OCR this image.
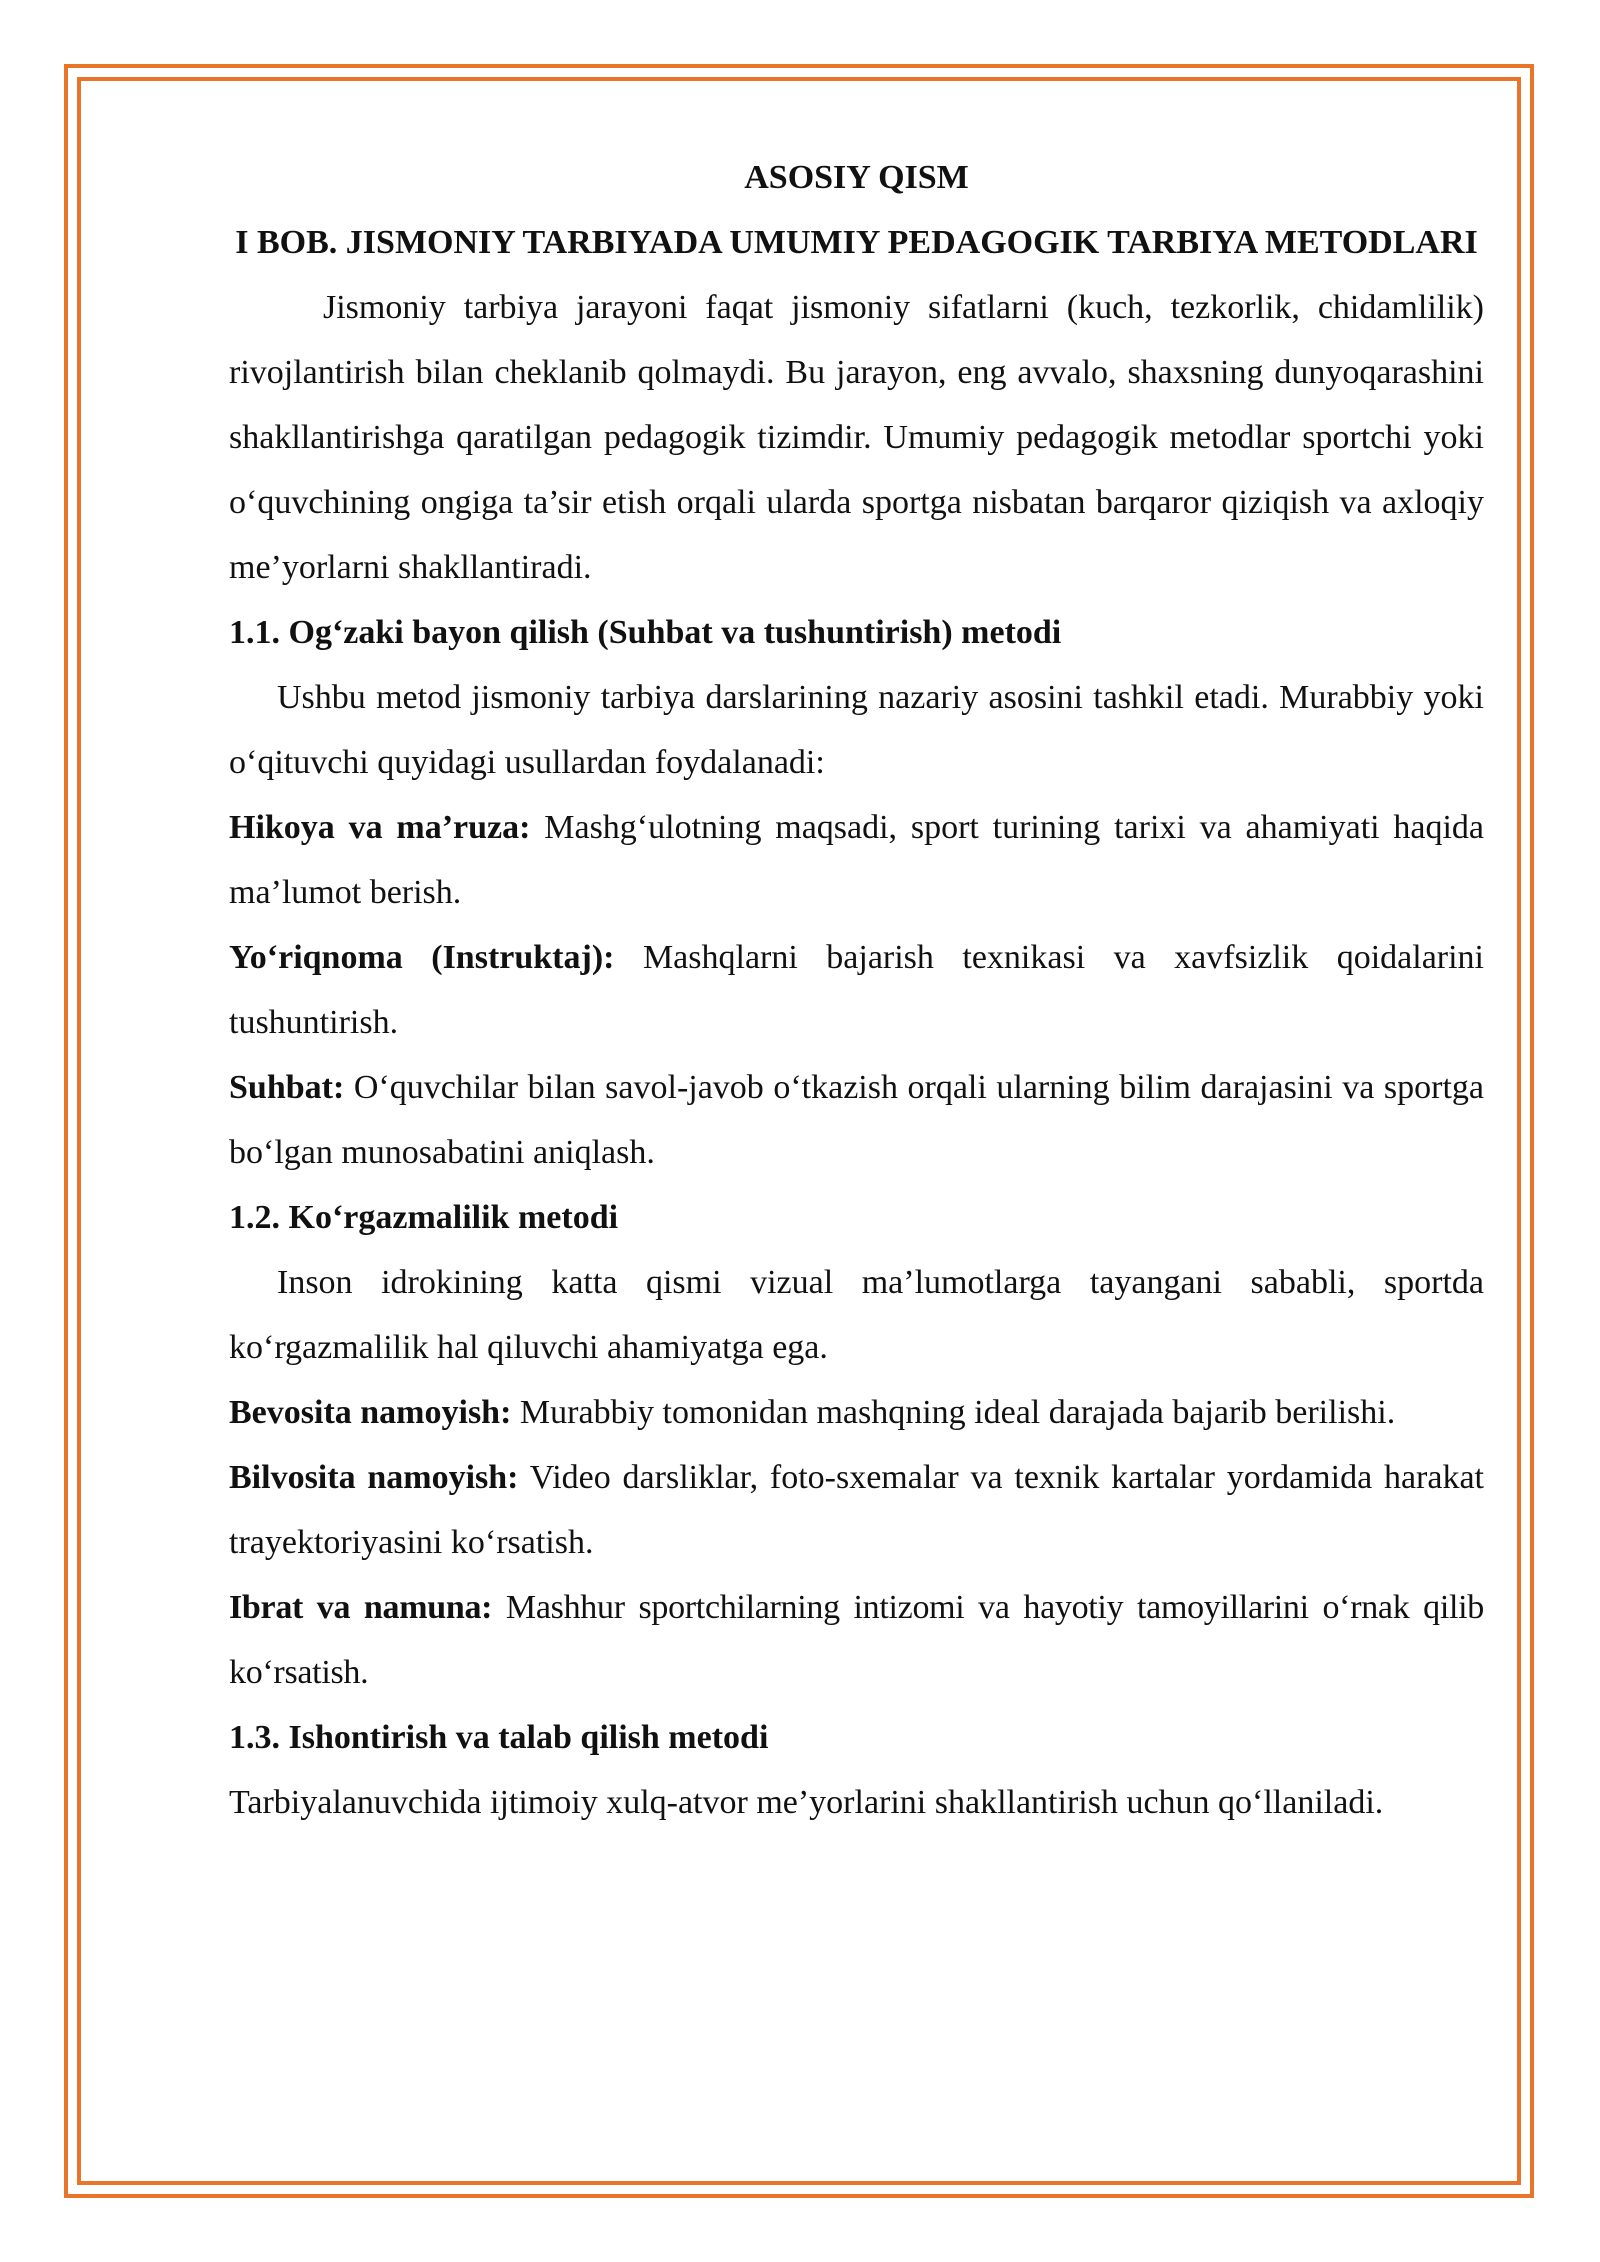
ASOSIY QISM
I BOB. JISMONIY TARBIYADA UMUMIY PEDAGOGIK TARBIYA METODLARI

Jismoniy tarbiya jarayoni faqat jismoniy sifatlarni (kuch, tezkorlik, chidamlilik) rivojlantirish bilan cheklanib qolmaydi. Bu jarayon, eng avvalo, shaxsning dunyoqarashini shakllantirishga qaratilgan pedagogik tizimdir. Umumiy pedagogik metodlar sportchi yoki o‘quvchining ongiga ta’sir etish orqali ularda sportga nisbatan barqaror qiziqish va axloqiy me’yorlarni shakllantiradi.

1.1. Og‘zaki bayon qilish (Suhbat va tushuntirish) metodi

Ushbu metod jismoniy tarbiya darslarining nazariy asosini tashkil etadi. Murabbiy yoki o‘qituvchi quyidagi usullardan foydalanadi:

Hikoya va ma’ruza: Mashg‘ulotning maqsadi, sport turining tarixi va ahamiyati haqida ma’lumot berish.

Yo‘riqnoma (Instruktaj): Mashqlarni bajarish texnikasi va xavfsizlik qoidalarini tushuntirish.

Suhbat: O‘quvchilar bilan savol-javob o‘tkazish orqali ularning bilim darajasini va sportga bo‘lgan munosabatini aniqlash.

1.2. Ko‘rgazmalilik metodi

Inson idrokining katta qismi vizual ma’lumotlarga tayangani sababli, sportda ko‘rgazmalilik hal qiluvchi ahamiyatga ega.

Bevosita namoyish: Murabbiy tomonidan mashqning ideal darajada bajarib berilishi.

Bilvosita namoyish: Video darsliklar, foto-sxemalar va texnik kartalar yordamida harakat trayektoriyasini ko‘rsatish.

Ibrat va namuna: Mashhur sportchilarning intizomi va hayotiy tamoyillarini o‘rnak qilib ko‘rsatish.

1.3. Ishontirish va talab qilish metodi

Tarbiyalanuvchida ijtimoiy xulq-atvor me’yorlarini shakllantirish uchun qo‘llaniladi.
